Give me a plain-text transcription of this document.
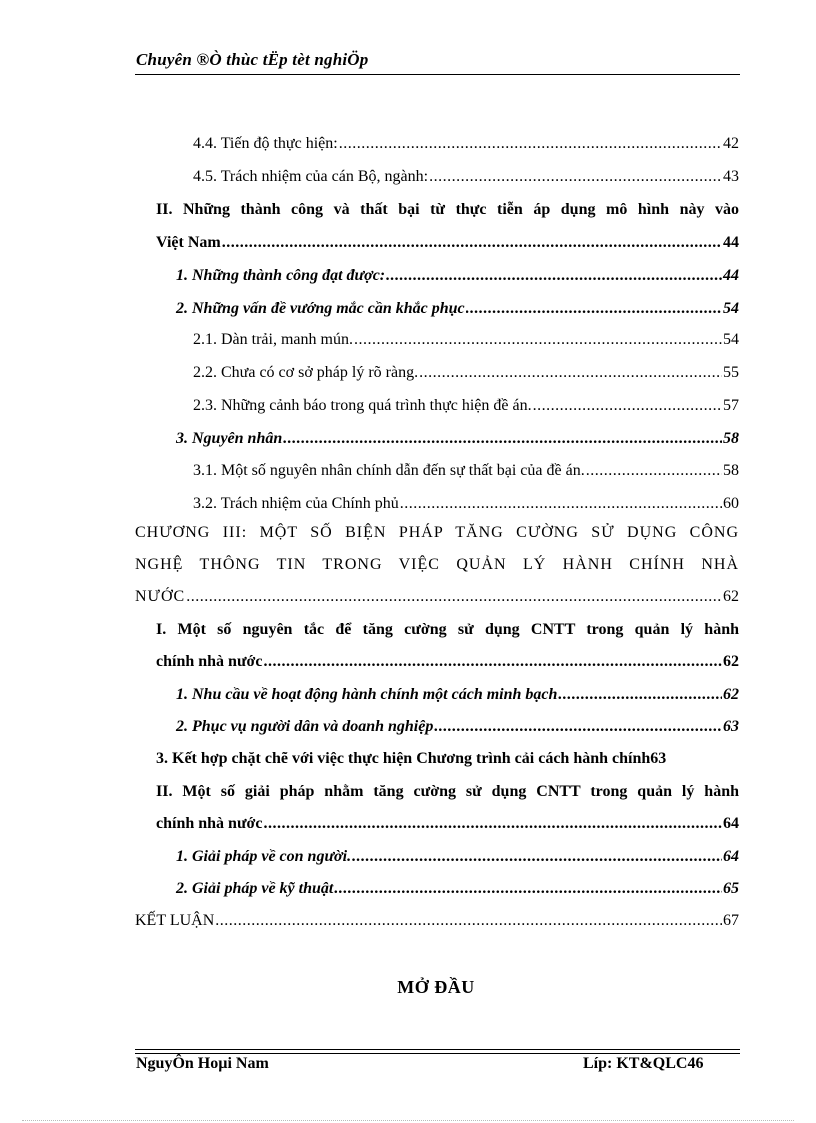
Chuyên ®Ò thùc tËp tèt nghiÖp
4.4. Tiến độ thực hiện: .....	42
4.5. Trách nhiệm của cán Bộ, ngành: .....	43
II. Những thành công và thất bại từ thực tiễn áp dụng mô hình này vào
Việt Nam .....	44
1. Những thành công đạt được: .....	44
2. Những vấn đề vướng mắc cần khắc phục .....	54
2.1. Dàn trải, manh mún. .....	54
2.2. Chưa có cơ sở pháp lý rõ ràng. .....	55
2.3. Những cảnh báo trong quá trình thực hiện đề án. .....	57
3. Nguyên nhân .....	58
3.1. Một số nguyên nhân chính dẫn đến sự thất bại của đề án. .....	58
3.2. Trách nhiệm của Chính phủ .....	60
CHƯƠNG III: MỘT SỐ BIỆN PHÁP TĂNG CƯỜNG SỬ DỤNG CÔNG
NGHỆ THÔNG TIN TRONG VIỆC QUẢN LÝ HÀNH CHÍNH NHÀ
NƯỚC .....	62
I. Một số nguyên tắc để tăng cường sử dụng CNTT trong quản lý hành
chính nhà nước .....	62
1. Nhu cầu về hoạt động hành chính một cách minh bạch .....	62
2. Phục vụ người dân và doanh nghiệp .....	63
3. Kết hợp chặt chẽ với việc thực hiện Chương trình cải cách hành chính 63
II. Một số giải pháp nhằm tăng cường sử dụng CNTT trong quản lý hành
chính nhà nước .....	64
1. Giải pháp về con người. .....	64
2. Giải pháp về kỹ thuật .....	65
KẾT LUẬN .....	67
MỞ ĐẦU
NguyÔn Hoµi Nam	Líp: KT&QLC46
